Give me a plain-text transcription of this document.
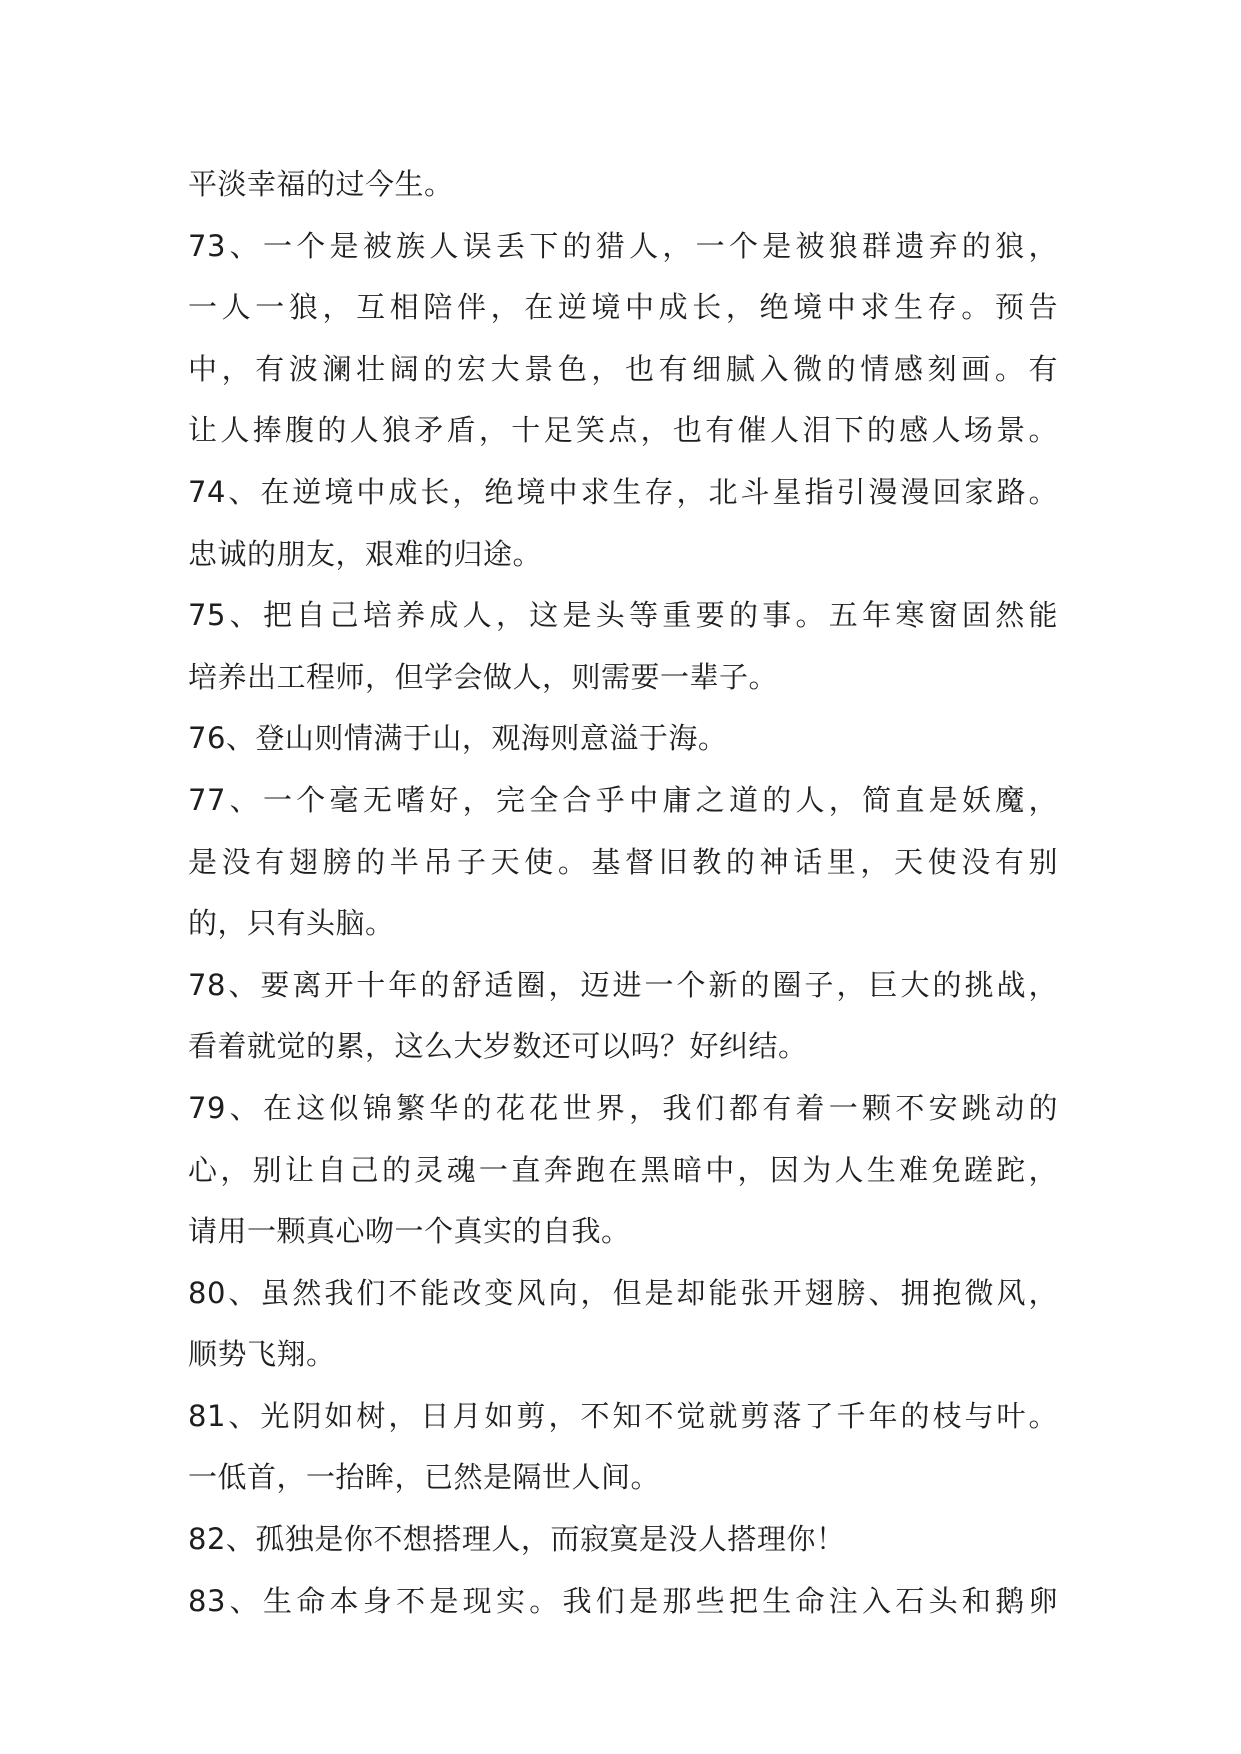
平淡幸福的过今生。
73、一个是被族人误丢下的猎人，一个是被狼群遗弃的狼，
一人一狼，互相陪伴，在逆境中成长，绝境中求生存。预告
中，有波澜壮阔的宏大景色，也有细腻入微的情感刻画。有
让人捧腹的人狼矛盾，十足笑点，也有催人泪下的感人场景。
74、在逆境中成长，绝境中求生存，北斗星指引漫漫回家路。
忠诚的朋友，艰难的归途。
75、把自己培养成人，这是头等重要的事。五年寒窗固然能
培养出工程师，但学会做人，则需要一辈子。
76、登山则情满于山，观海则意溢于海。
77、一个毫无嗜好，完全合乎中庸之道的人，简直是妖魔，
是没有翅膀的半吊子天使。基督旧教的神话里，天使没有别
的，只有头脑。
78、要离开十年的舒适圈，迈进一个新的圈子，巨大的挑战，
看着就觉的累，这么大岁数还可以吗？好纠结。
79、在这似锦繁华的花花世界，我们都有着一颗不安跳动的
心，别让自己的灵魂一直奔跑在黑暗中，因为人生难免蹉跎，
请用一颗真心吻一个真实的自我。
80、虽然我们不能改变风向，但是却能张开翅膀、拥抱微风，
顺势飞翔。
81、光阴如树，日月如剪，不知不觉就剪落了千年的枝与叶。
一低首，一抬眸，已然是隔世人间。
82、孤独是你不想搭理人，而寂寞是没人搭理你！
83、生命本身不是现实。我们是那些把生命注入石头和鹅卵
